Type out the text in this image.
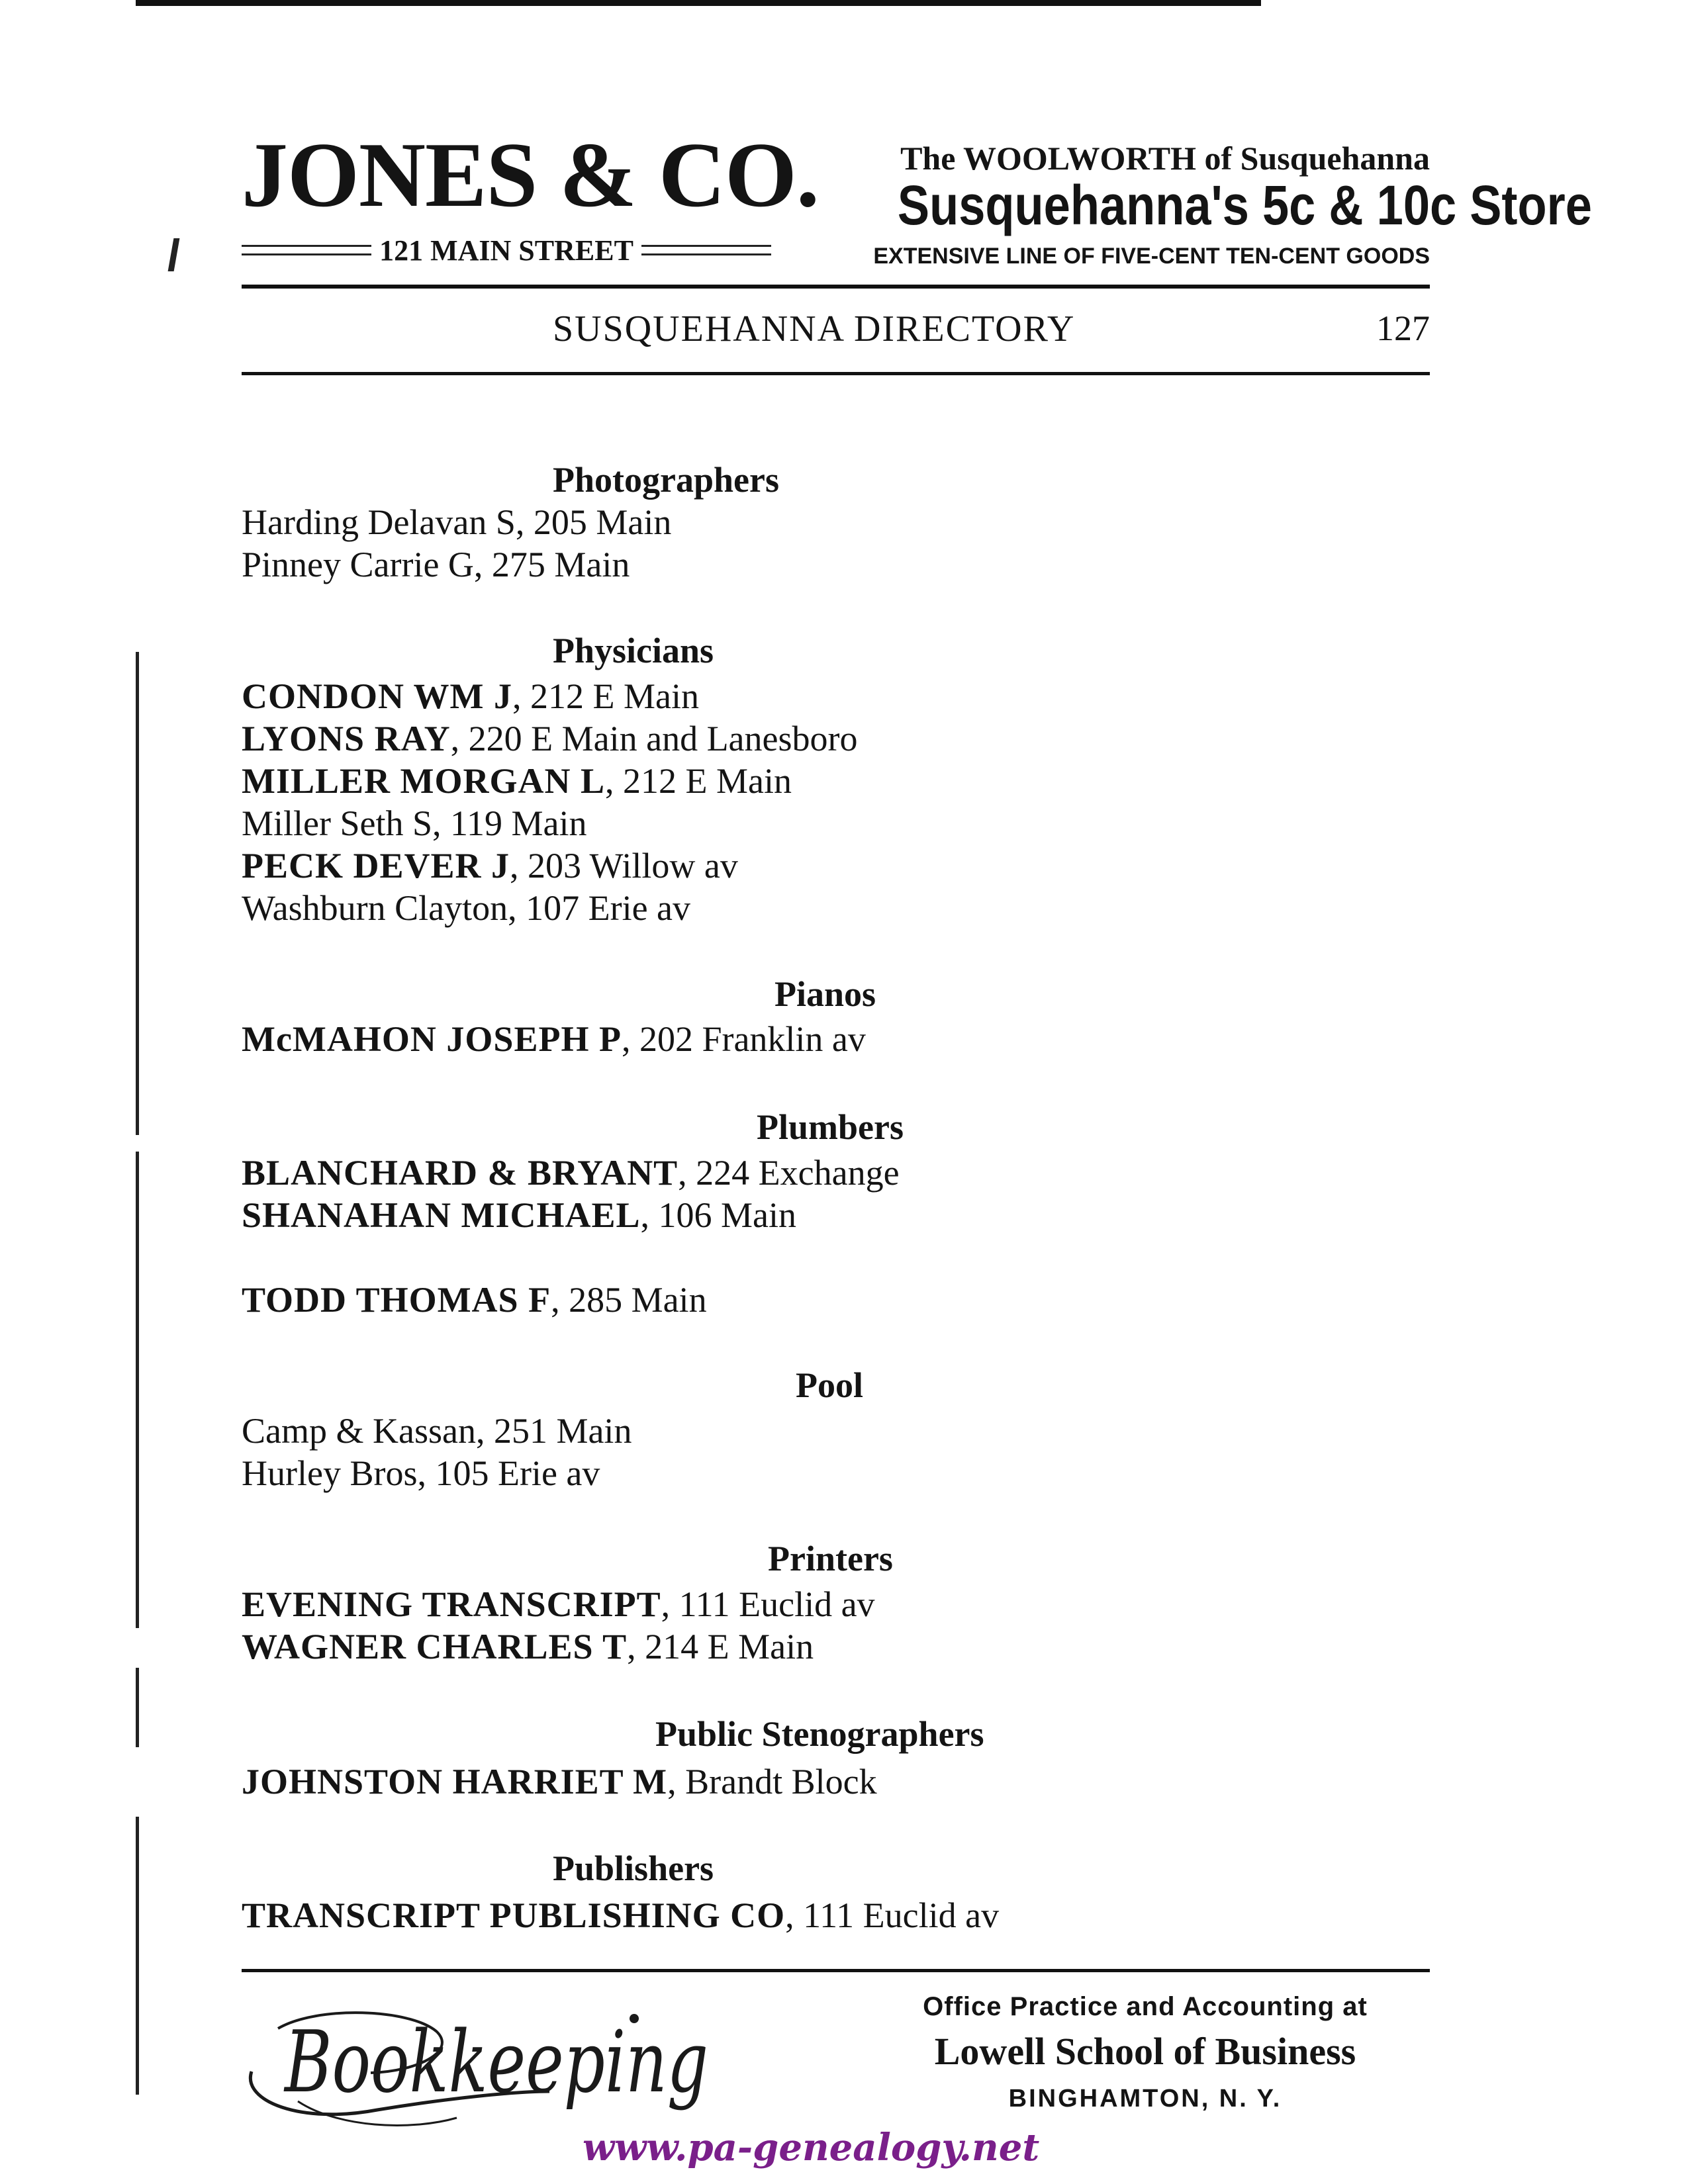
JONES & CO.
121 MAIN STREET
The WOOLWORTH of Susquehanna
Susquehanna's 5c & 10c Store
EXTENSIVE LINE OF FIVE-CENT TEN-CENT GOODS
SUSQUEHANNA DIRECTORY	127
Photographers
Harding Delavan S, 205 Main
Pinney Carrie G, 275 Main
Physicians
CONDON WM J, 212 E Main
LYONS RAY, 220 E Main and Lanesboro
MILLER MORGAN L, 212 E Main
Miller Seth S, 119 Main
PECK DEVER J, 203 Willow av
Washburn Clayton, 107 Erie av
Pianos
McMAHON JOSEPH P, 202 Franklin av
Plumbers
BLANCHARD & BRYANT, 224 Exchange
SHANAHAN MICHAEL, 106 Main
TODD THOMAS F, 285 Main
Pool
Camp & Kassan, 251 Main
Hurley Bros, 105 Erie av
Printers
EVENING TRANSCRIPT, 111 Euclid av
WAGNER CHARLES T, 214 E Main
Public Stenographers
JOHNSTON HARRIET M, Brandt Block
Publishers
TRANSCRIPT PUBLISHING CO, 111 Euclid av
Bookkeeping
Office Practice and Accounting at
Lowell School of Business
BINGHAMTON, N. Y.
www.pa-genealogy.net
